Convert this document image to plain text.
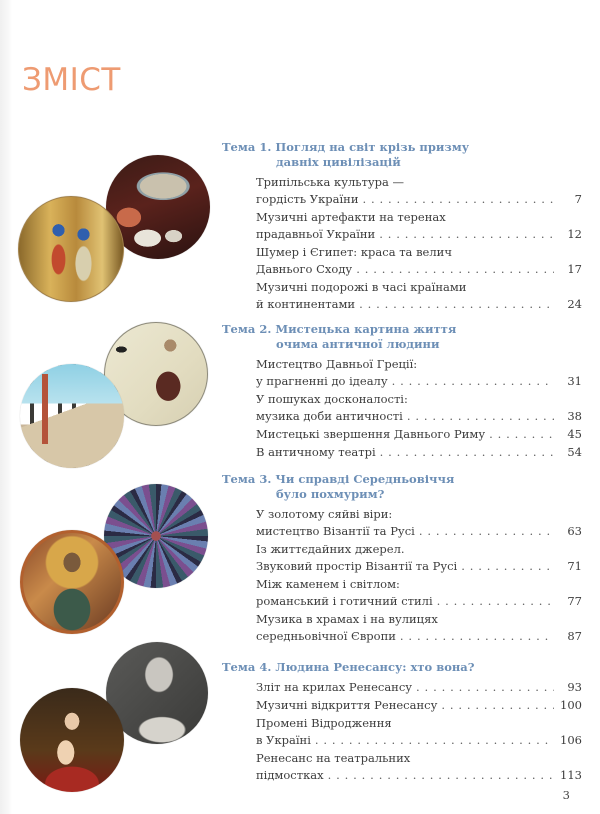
ЗМІСТ
Тема 1. Погляд на світ крізь призму
давніх цивілізацій
Трипільська культура —
гордість України . . .	7
Музичні артефакти на теренах
прадавньої України . . .	12
Шумер і Єгипет: краса та велич
Давнього Сходу . . .	17
Музичні подорожі в часі країнами
й континентами . . .	24
Тема 2. Мистецька картина життя
очима античної людини
Мистецтво Давньої Греції:
у прагненні до ідеалу . . .	31
У пошуках досконалості:
музика доби античності . . .	38
Мистецькі звершення Давнього Риму . . .	45
В античному театрі . . .	54
Тема 3. Чи справді Середньовіччя
було похмурим?
У золотому сяйві віри:
мистецтво Візантії та Русі . . .	63
Із життєдайних джерел.
Звуковий простір Візантії та Русі . . .	71
Між каменем і світлом:
романський і готичний стилі . . .	77
Музика в храмах і на вулицях
середньовічної Європи . . .	87
Тема 4. Людина Ренесансу: хто вона?
Зліт на крилах Ренесансу . . .	93
Музичні відкриття Ренесансу . . .	100
Промені Відродження
в Україні . . .	106
Ренесанс на театральних
підмостках . . .	113
3
